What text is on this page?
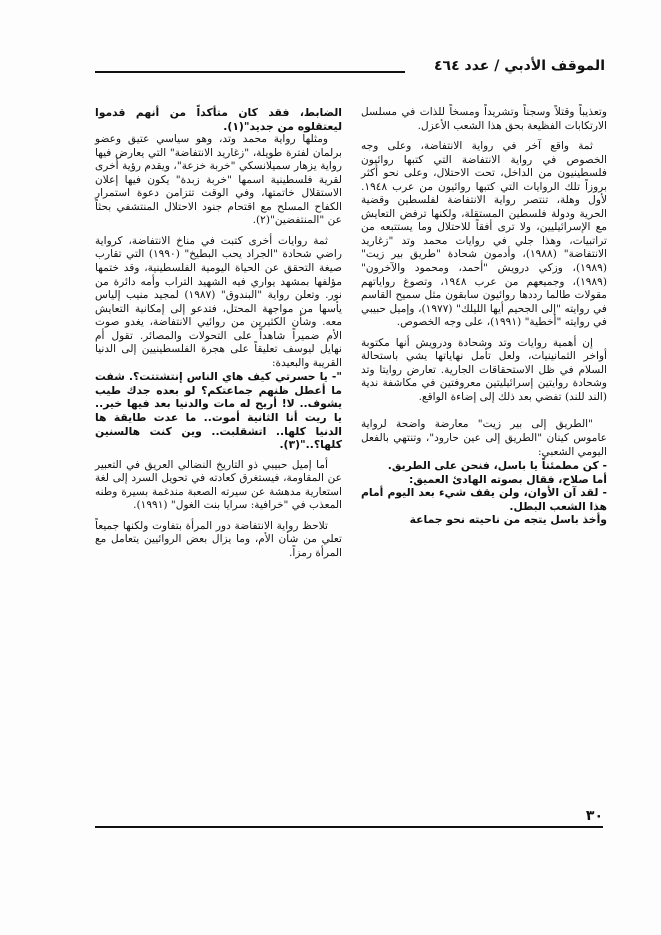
الموقف الأدبي / عدد ٤٦٤

وتعذيباً وقتلاً وسجناً وتشريداً ومسخاً للذات في مسلسل الارتكابات الفظيعة بحق هذا الشعب الأعزل.

ثمة واقع آخر في رواية الانتفاضة، وعلى وجه الخصوص في رواية الانتفاضة التي كتبها روائيون فلسطينيون من الداخل، تحت الاحتلال، وعلى نحو أكثر بروزاً تلك الروايات التي كتبها روائيون من عرب ١٩٤٨. لأول وهلة، تنتصر رواية الانتفاضة لفلسطين وقضية الحرية ودولة فلسطين المستقلة، ولكنها ترفض التعايش مع الإسرائيليين، ولا ترى أفقاً للاحتلال وما يستتبعه من تراتبيات، وهذا جلي في روايات محمد وتد "زغاريد الانتفاضة" (١٩٨٨)، وأدمون شحادة "طريق بير زيت" (١٩٨٩)، وزكي درويش "أحمد، ومحمود والآخرون" (١٩٨٩)، وجميعهم من عرب ١٩٤٨، وتصوغ رواياتهم مقولات طالما رددها روائيون سابقون مثل سميح القاسم في روايته "إلى الجحيم أيها الليلك" (١٩٧٧)، وإميل حبيبي في روايته "أخطية" (١٩٩١)، على وجه الخصوص.

إن أهمية روايات وتد وشحادة ودرويش أنها مكتوبة أواخر الثمانينيات، ولعل تأمل نهاياتها يشي باستحالة السلام في ظل الاستحقاقات الجارية. تعارض روايتا وتد وشحادة روايتين إسرائيليتين معروفتين في مكاشفة ندية (الند للند) تفضي بعد ذلك إلى إضاءة الواقع.

"الطريق إلى بير زيت" معارضة واضحة لرواية عاموس كينان "الطريق إلى عين حارود"، وتنتهي بالفعل اليومي الشعبي:

- كن مطمئناً يا باسل، فنحن على الطريق.

أما صلاح، فقال بصوته الهادئ العميق:

- لقد آن الأوان، ولن يقف شيء بعد اليوم أمام هذا الشعب البطل.

وأخذ باسل يتجه من ناحيته نحو جماعة

الضابط، فقد كان متأكداً من أنهم قدموا ليعتقلوه من جديد"(١).

ومثلها رواية محمد وتد، وهو سياسي عتيق وعضو برلمان لفترة طويلة، "زغاريد الانتفاضة" التي يعارض فيها رواية يزهار سميلانسكي "خربة خزعة"، ويقدم رؤية أخرى لقرية فلسطينية اسمها "خربة زبدة" يكون فيها إعلان الاستقلال خاتمتها، وفي الوقت تتزامن دعوة استمرار الكفاح المسلح مع اقتحام جنود الاحتلال المنتشفي بحثاً عن "المنتفضين"(٢).

ثمة روايات أخرى كتبت في مناخ الانتفاضة، كرواية راضي شحادة "الجراد يحب البطيخ" (١٩٩٠) التي تقارب صيغة التحقق عن الحياة اليومية الفلسطينية، وقد ختمها مؤلفها بمشهد يواري فيه الشهيد التراب وأمه دائرة من نور. وتعلن رواية "البندوق" (١٩٨٧) لمجيد منيب إلياس يأسها من مواجهة المحتل، فتدعو إلى إمكانية التعايش معه. وشأن الكثيرين من روائيي الانتفاضة، يغدو صوت الأم ضميراً شاهداً على التحولات والمصائر. تقول أم نهايل ليوسف تعليقاً على هجرة الفلسطينيين إلى الدنيا القريبة والبعيدة:

"- يا حسرتي كيف هاي الناس إنتشتتت؟. شفت ما أعطل ظنهم جماعتكم؟ لو بعده جدك طيب يشوف.. لا! أريح له مات والدنيا بعد فيها خير.. يا ريت أنا الثانية أموت.. ما عدت طايقة ها الدنيا كلها.. اتشقلبت.. وين كنت هالسنين كلها؟.."(٣).

أما إميل حبيبي ذو التاريخ النضالي العريق في التعبير عن المقاومة، فيستغرق كعادته في تحويل السرد إلى لغة استعارية مدهشة عن سيرته الصعبة مندغمة بسيرة وطنه المعذب في "خرافية: سرايا بنت الغول" (١٩٩١).

تلاحظ رواية الانتفاضة دور المرأة بتفاوت ولكنها جميعاً تعلي من شأن الأم، وما يزال بعض الروائيين يتعامل مع المرأة رمزاً.

٣٠
